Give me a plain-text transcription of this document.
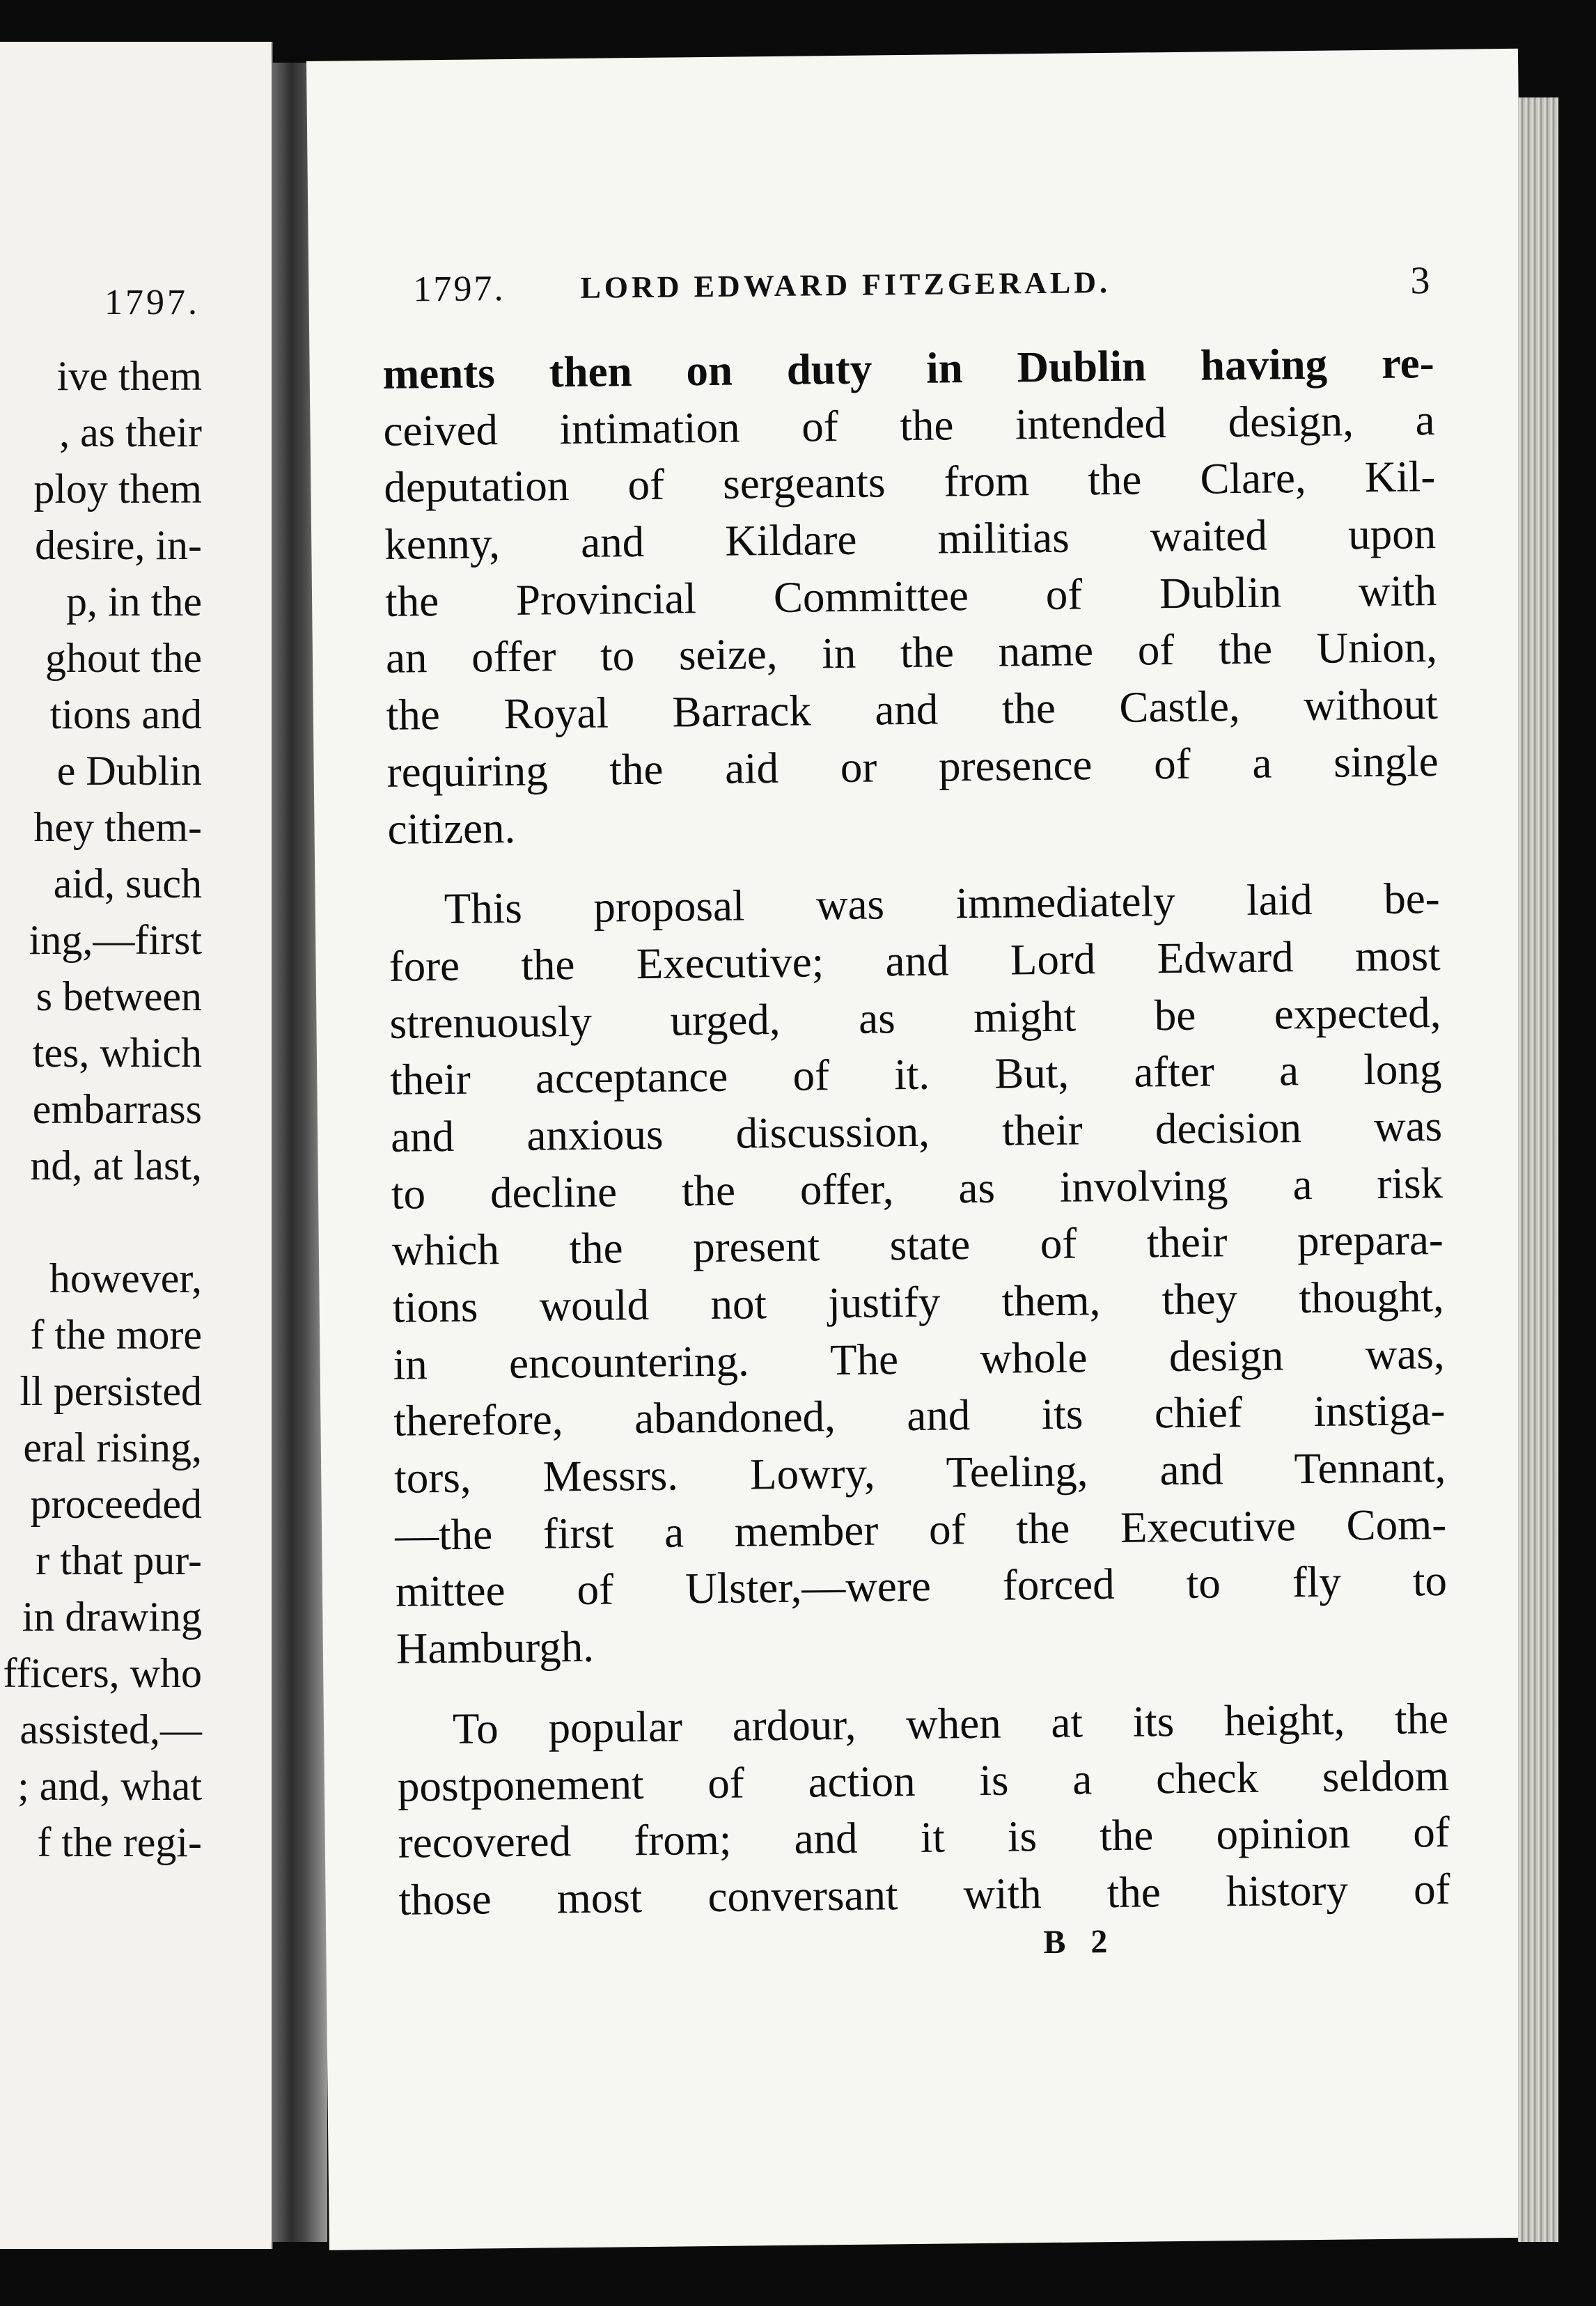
1797.
ive them
, as their
ploy them
desire, in-
p, in the
ghout the
tions and
e Dublin
hey them-
aid, such
ing,—first
s between
tes, which
embarrass
nd, at last,
however,
f the more
ll persisted
eral rising,
proceeded
r that pur-
in drawing
fficers, who
assisted,—
; and, what
f the regi-
1797. LORD EDWARD FITZGERALD.	3
ments then on duty in Dublin having re-
ceived intimation of the intended design, a
deputation of sergeants from the Clare, Kil-
kenny, and Kildare militias waited upon
the Provincial Committee of Dublin with
an offer to seize, in the name of the Union,
the Royal Barrack and the Castle, without
requiring the aid or presence of a single
citizen.
This proposal was immediately laid be-
fore the Executive; and Lord Edward most
strenuously urged, as might be expected,
their acceptance of it. But, after a long
and anxious discussion, their decision was
to decline the offer, as involving a risk
which the present state of their prepara-
tions would not justify them, they thought,
in encountering. The whole design was,
therefore, abandoned, and its chief instiga-
tors, Messrs. Lowry, Teeling, and Tennant,
—the first a member of the Executive Com-
mittee of Ulster,—were forced to fly to
Hamburgh.
To popular ardour, when at its height, the
postponement of action is a check seldom
recovered from; and it is the opinion of
those most conversant with the history of
B 2
